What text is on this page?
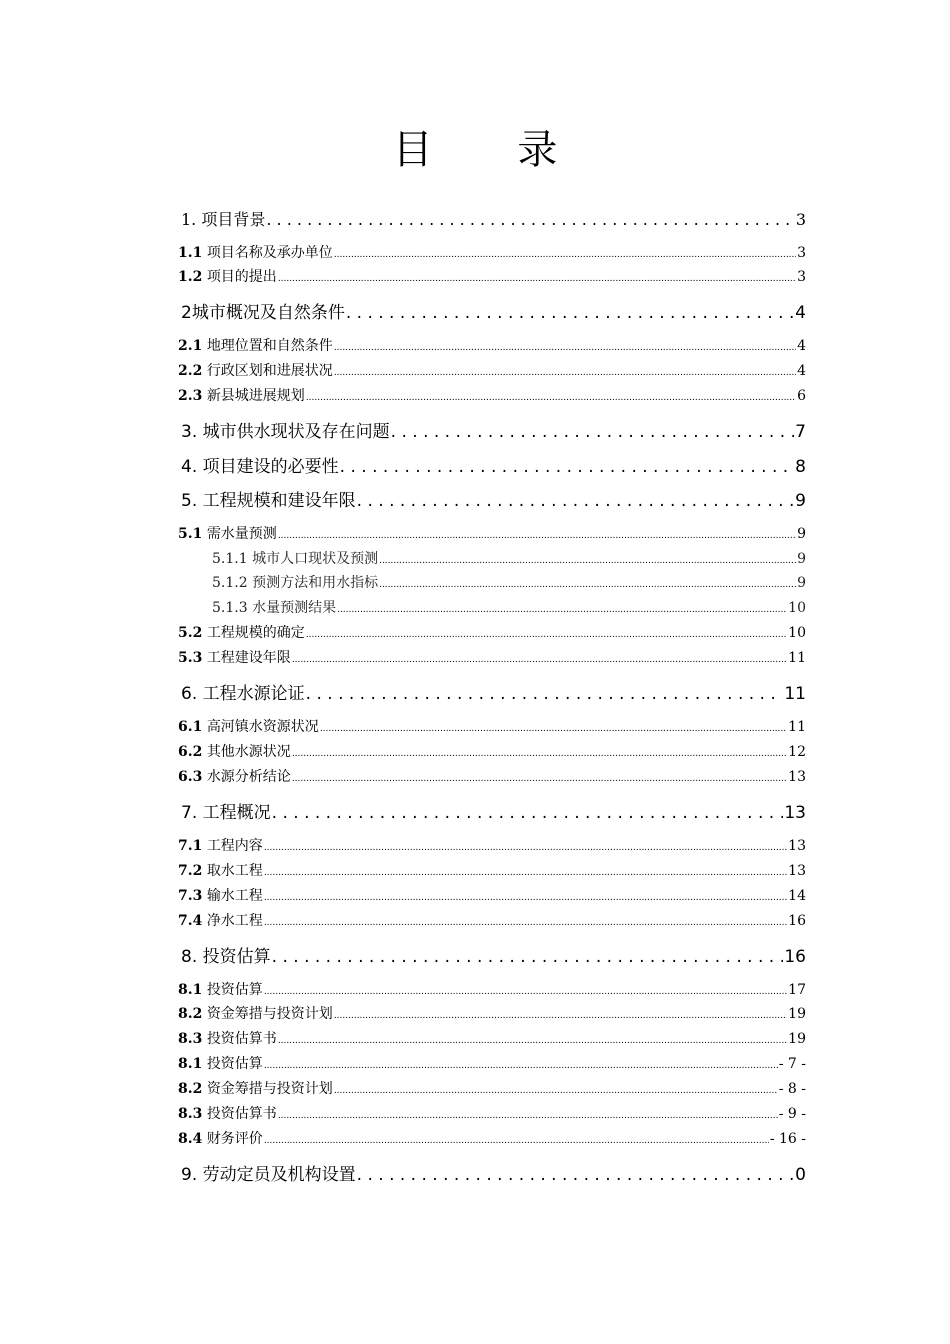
目 录
1. 项目背景 . . .	3
1.1 项目名称及承办单位 .....	3
1.2 项目的提出 .....	3
2城市概况及自然条件 . . .	4
2.1 地理位置和自然条件 .....	4
2.2 行政区划和进展状况 .....	4
2.3 新县城进展规划 .....	6
3. 城市供水现状及存在问题 . . .	7
4. 项目建设的必要性 . . .	8
5. 工程规模和建设年限 . . .	9
5.1 需水量预测 .....	9
5.1.1 城市人口现状及预测 .....	9
5.1.2 预测方法和用水指标 .....	9
5.1.3 水量预测结果 .....	10
5.2 工程规模的确定 .....	10
5.3 工程建设年限 .....	11
6. 工程水源论证 . . .	11
6.1 高河镇水资源状况 .....	11
6.2 其他水源状况 .....	12
6.3 水源分析结论 .....	13
7. 工程概况 . . .	13
7.1 工程内容 .....	13
7.2 取水工程 .....	13
7.3 输水工程 .....	14
7.4 净水工程 .....	16
8. 投资估算 . . .	16
8.1 投资估算 .....	17
8.2 资金筹措与投资计划 .....	19
8.3 投资估算书 .....	19
8.1 投资估算 .....	- 7 -
8.2 资金筹措与投资计划 .....	- 8 -
8.3 投资估算书 .....	- 9 -
8.4 财务评价 .....	- 16 -
9. 劳动定员及机构设置 . . .	0
